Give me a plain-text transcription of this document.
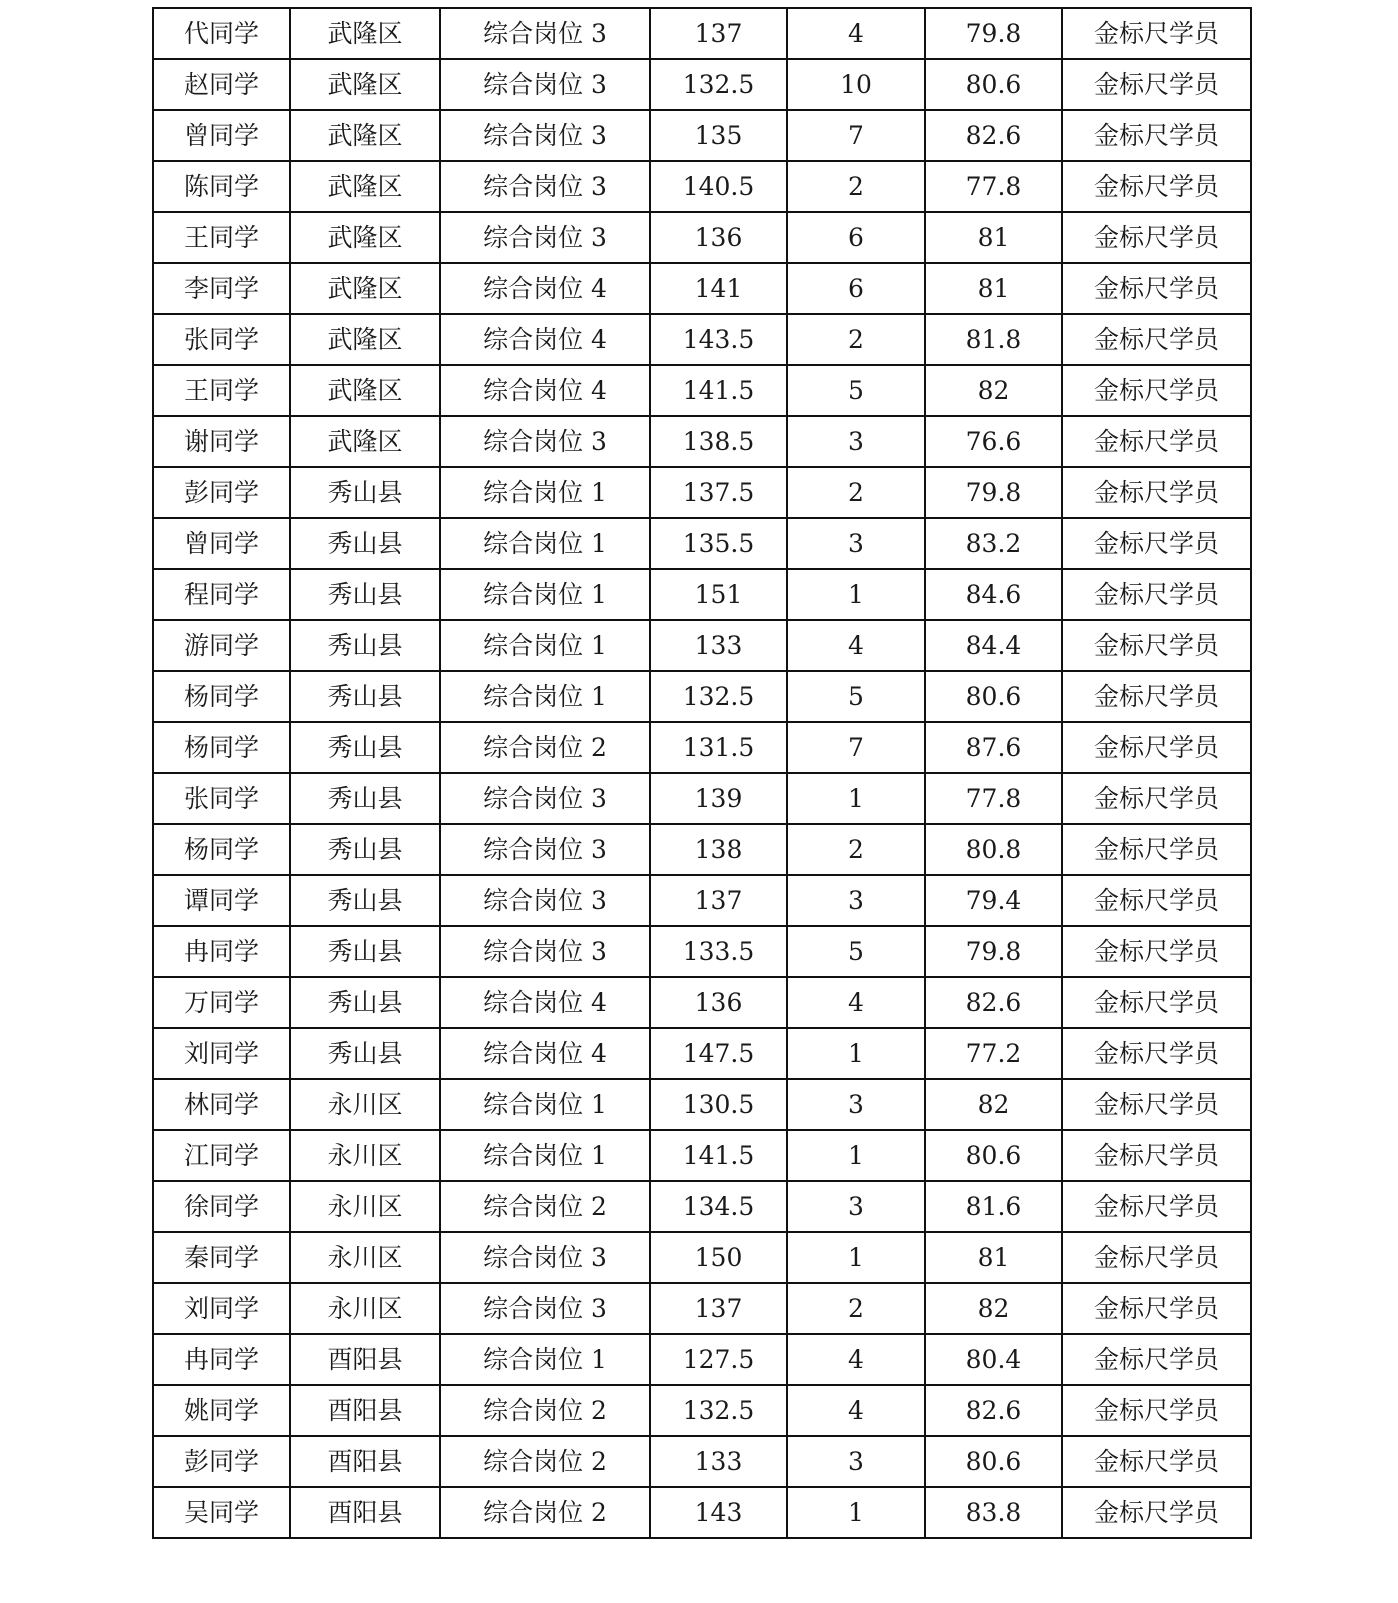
代同学	武隆区	综合岗位 3	137	4	79.8	金标尺学员
赵同学	武隆区	综合岗位 3	132.5	10	80.6	金标尺学员
曾同学	武隆区	综合岗位 3	135	7	82.6	金标尺学员
陈同学	武隆区	综合岗位 3	140.5	2	77.8	金标尺学员
王同学	武隆区	综合岗位 3	136	6	81	金标尺学员
李同学	武隆区	综合岗位 4	141	6	81	金标尺学员
张同学	武隆区	综合岗位 4	143.5	2	81.8	金标尺学员
王同学	武隆区	综合岗位 4	141.5	5	82	金标尺学员
谢同学	武隆区	综合岗位 3	138.5	3	76.6	金标尺学员
彭同学	秀山县	综合岗位 1	137.5	2	79.8	金标尺学员
曾同学	秀山县	综合岗位 1	135.5	3	83.2	金标尺学员
程同学	秀山县	综合岗位 1	151	1	84.6	金标尺学员
游同学	秀山县	综合岗位 1	133	4	84.4	金标尺学员
杨同学	秀山县	综合岗位 1	132.5	5	80.6	金标尺学员
杨同学	秀山县	综合岗位 2	131.5	7	87.6	金标尺学员
张同学	秀山县	综合岗位 3	139	1	77.8	金标尺学员
杨同学	秀山县	综合岗位 3	138	2	80.8	金标尺学员
谭同学	秀山县	综合岗位 3	137	3	79.4	金标尺学员
冉同学	秀山县	综合岗位 3	133.5	5	79.8	金标尺学员
万同学	秀山县	综合岗位 4	136	4	82.6	金标尺学员
刘同学	秀山县	综合岗位 4	147.5	1	77.2	金标尺学员
林同学	永川区	综合岗位 1	130.5	3	82	金标尺学员
江同学	永川区	综合岗位 1	141.5	1	80.6	金标尺学员
徐同学	永川区	综合岗位 2	134.5	3	81.6	金标尺学员
秦同学	永川区	综合岗位 3	150	1	81	金标尺学员
刘同学	永川区	综合岗位 3	137	2	82	金标尺学员
冉同学	酉阳县	综合岗位 1	127.5	4	80.4	金标尺学员
姚同学	酉阳县	综合岗位 2	132.5	4	82.6	金标尺学员
彭同学	酉阳县	综合岗位 2	133	3	80.6	金标尺学员
吴同学	酉阳县	综合岗位 2	143	1	83.8	金标尺学员
